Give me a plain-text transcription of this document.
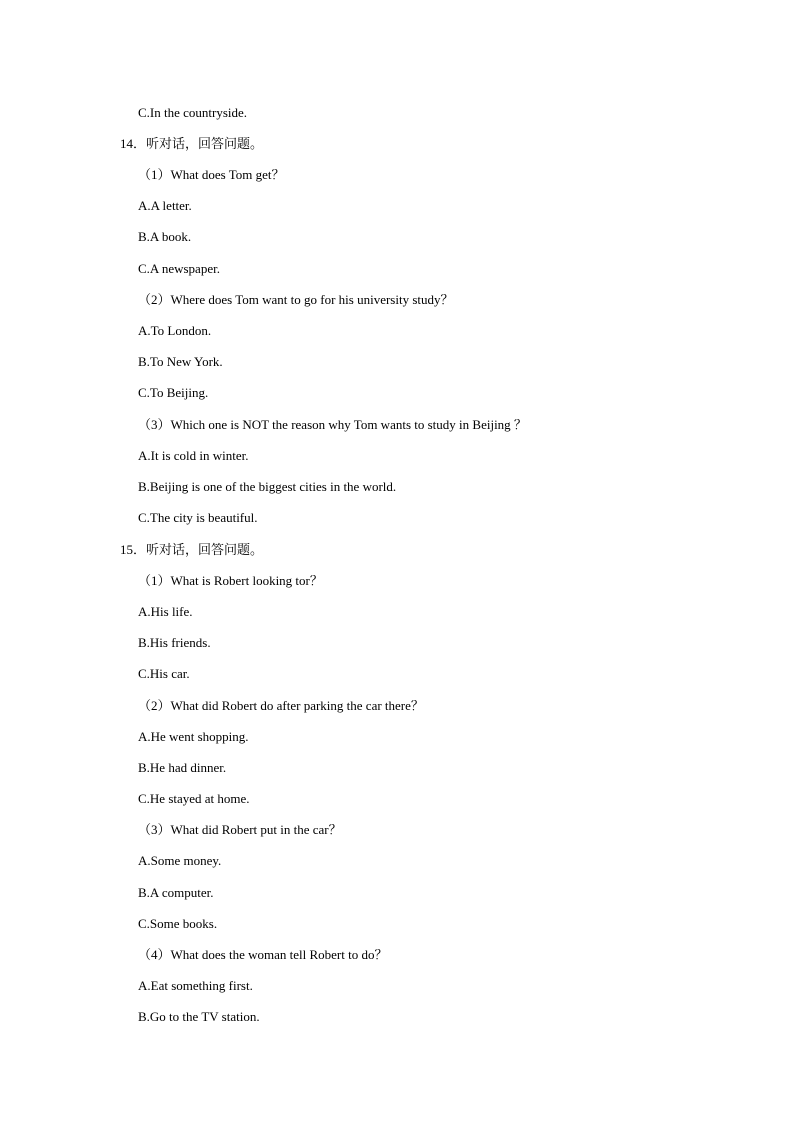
C.In the countryside.
14．听对话，回答问题。
（1）What does Tom get？
A.A letter.
B.A book.
C.A newspaper.
（2）Where does Tom want to go for his university study？
A.To London.
B.To New York.
C.To Beijing.
（3）Which one is NOT the reason why Tom wants to study in Beijing ？
A.It is cold in winter.
B.Beijing is one of the biggest cities in the world.
C.The city is beautiful.
15．听对话，回答问题。
（1）What is Robert looking tor？
A.His life.
B.His friends.
C.His car.
（2）What did Robert do after parking the car there？
A.He went shopping.
B.He had dinner.
C.He stayed at home.
（3）What did Robert put in the car？
A.Some money.
B.A computer.
C.Some books.
（4）What does the woman tell Robert to do？
A.Eat something first.
B.Go to the TV station.
